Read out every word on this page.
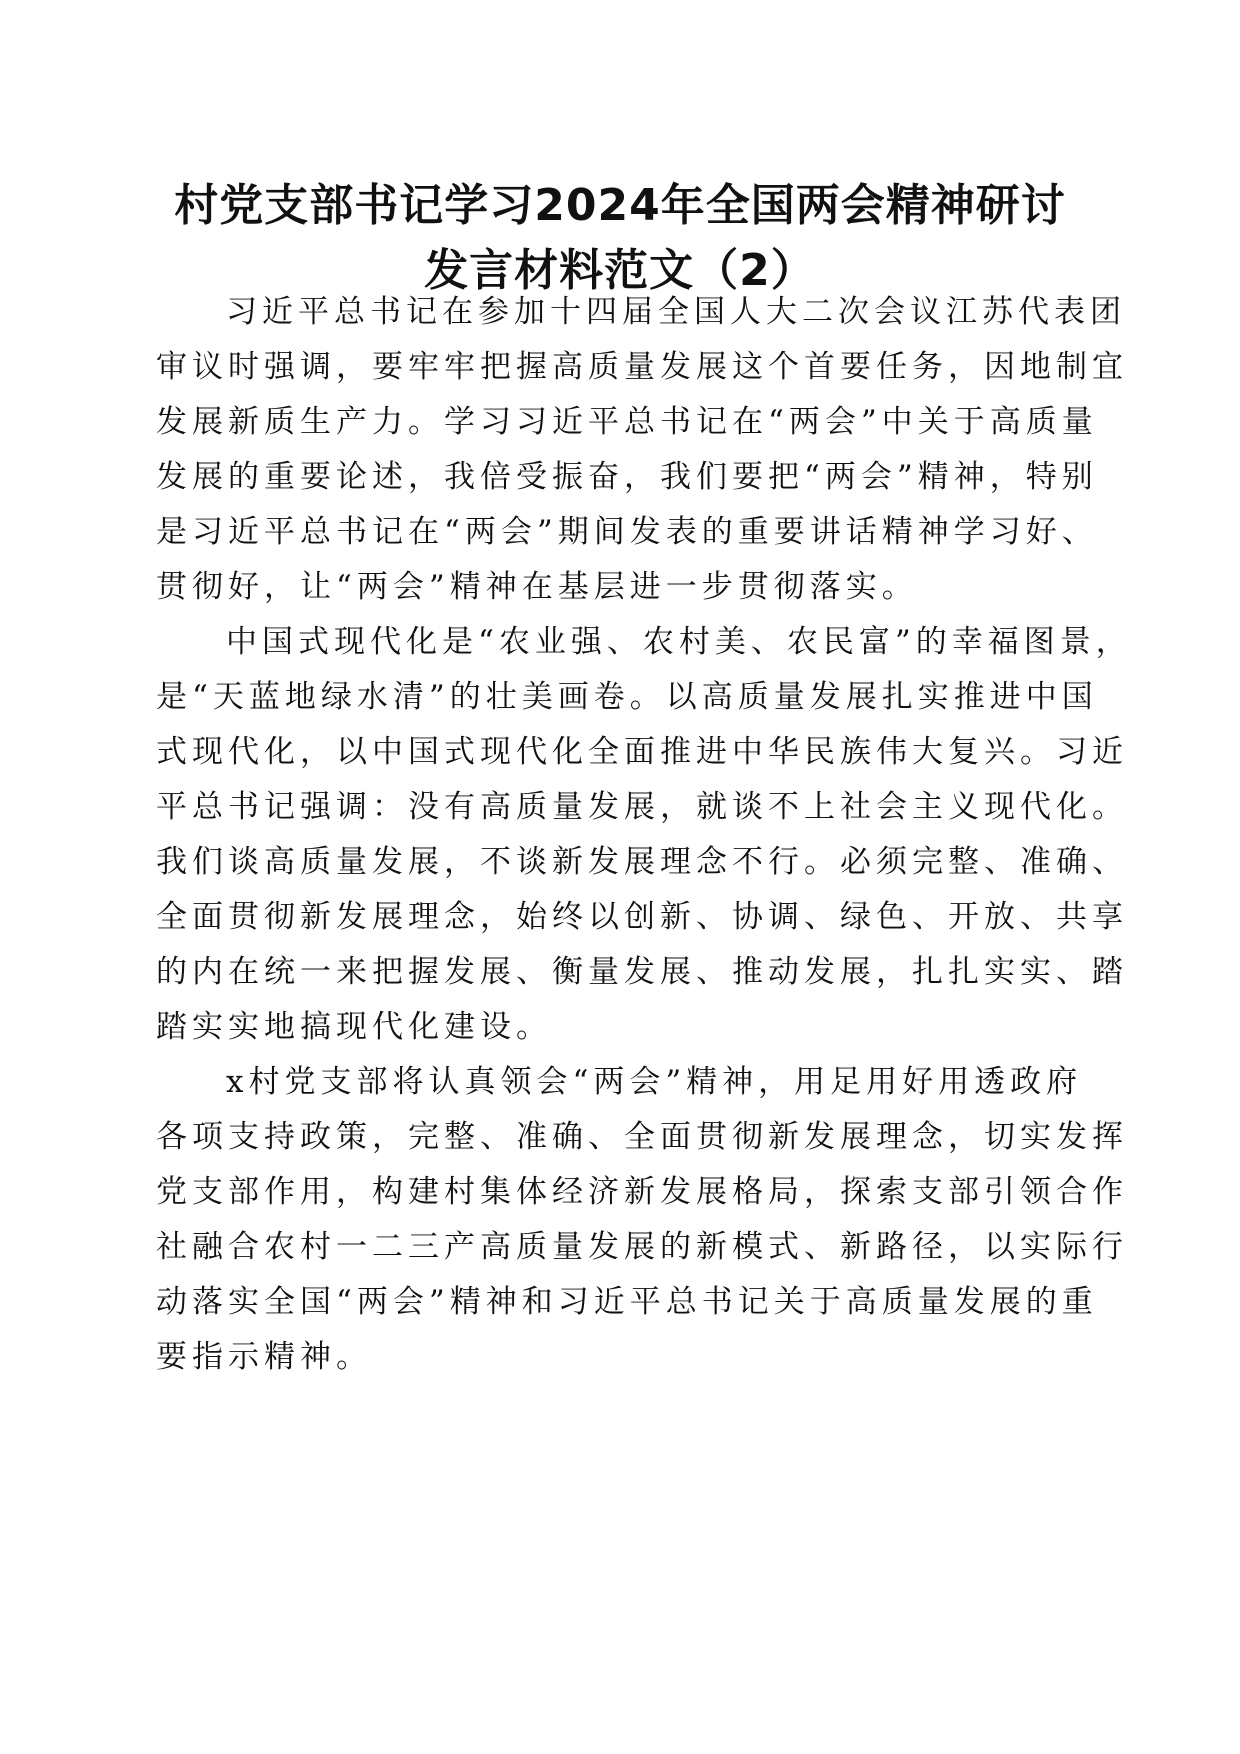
村党支部书记学习2024年全国两会精神研讨
发言材料范文（2）

习近平总书记在参加十四届全国人大二次会议江苏代表团

审议时强调，要牢牢把握高质量发展这个首要任务，因地制宜

发展新质生产力。学习习近平总书记在“两会”中关于高质量

发展的重要论述，我倍受振奋，我们要把“两会”精神，特别

是习近平总书记在“两会”期间发表的重要讲话精神学习好、

贯彻好，让“两会”精神在基层进一步贯彻落实。

中国式现代化是“农业强、农村美、农民富”的幸福图景，

是“天蓝地绿水清”的壮美画卷。以高质量发展扎实推进中国

式现代化，以中国式现代化全面推进中华民族伟大复兴。习近

平总书记强调：没有高质量发展，就谈不上社会主义现代化。

我们谈高质量发展，不谈新发展理念不行。必须完整、准确、

全面贯彻新发展理念，始终以创新、协调、绿色、开放、共享

的内在统一来把握发展、衡量发展、推动发展，扎扎实实、踏

踏实实地搞现代化建设。

x村党支部将认真领会“两会”精神，用足用好用透政府

各项支持政策，完整、准确、全面贯彻新发展理念，切实发挥

党支部作用，构建村集体经济新发展格局，探索支部引领合作

社融合农村一二三产高质量发展的新模式、新路径，以实际行

动落实全国“两会”精神和习近平总书记关于高质量发展的重

要指示精神。
